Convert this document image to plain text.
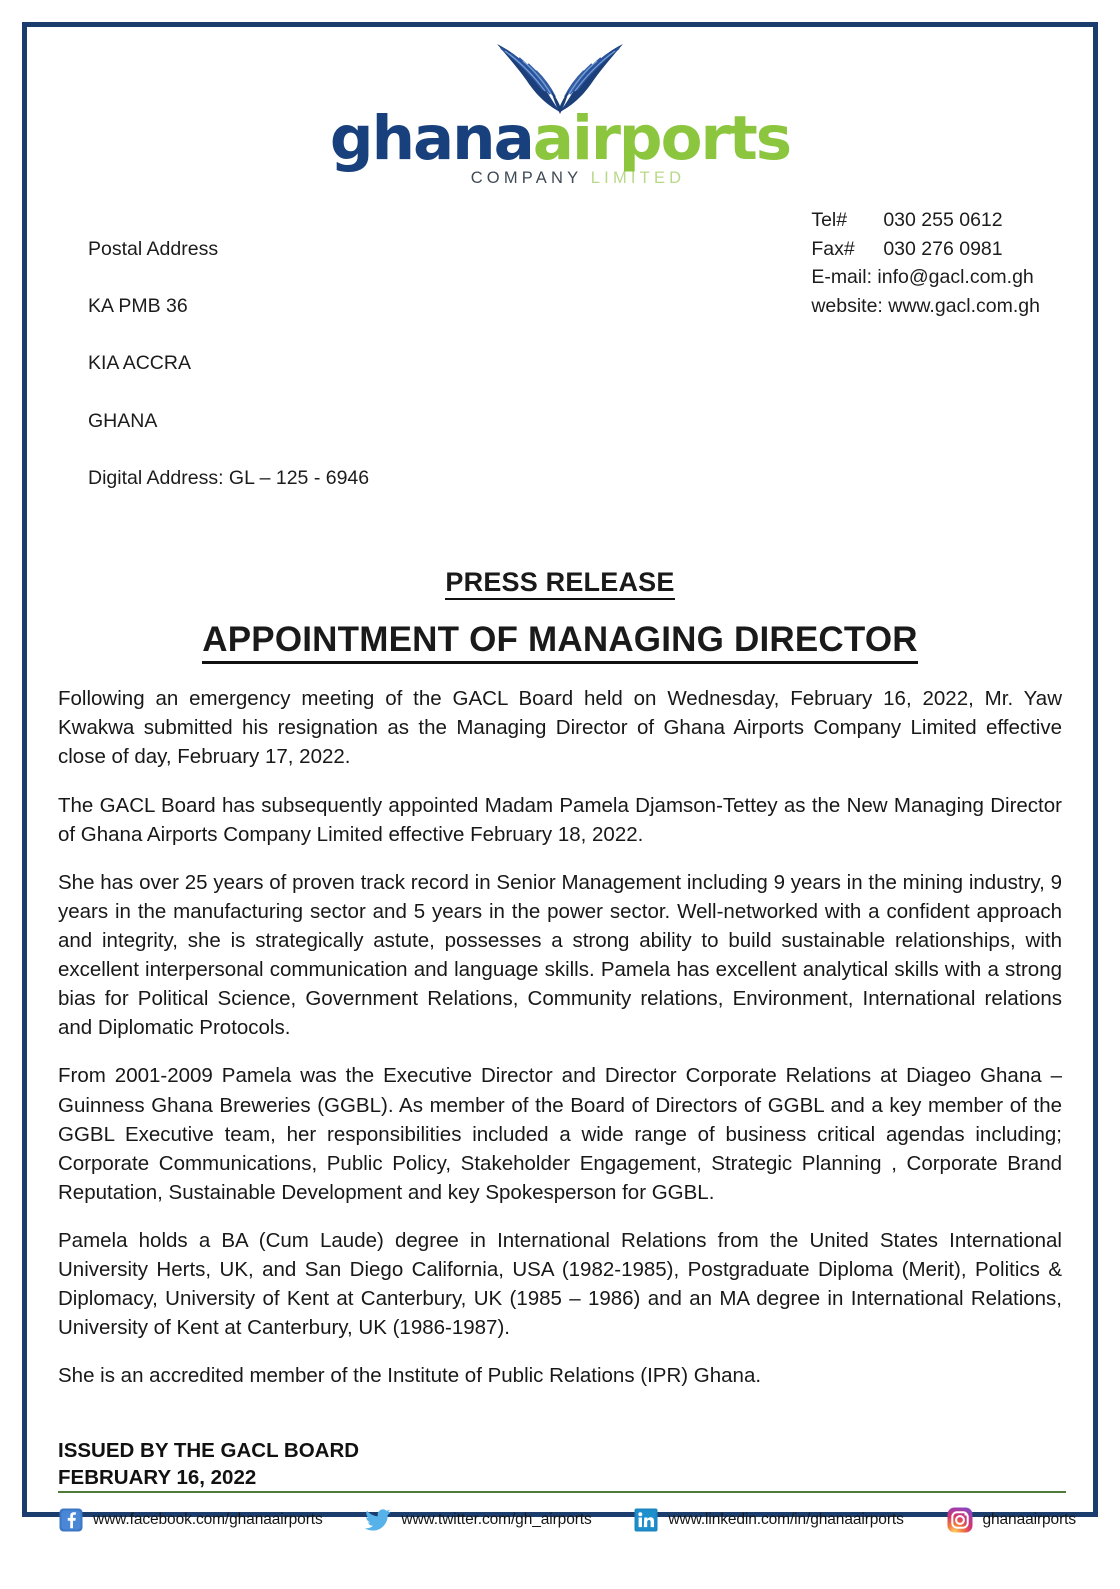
ghanaairports
COMPANY LIMITED

Postal Address

KA PMB 36

KIA ACCRA

GHANA

Digital Address: GL – 125 - 6946

Tel#	030 255 0612
Fax#	030 276 0981
E-mail: info@gacl.com.gh
website: www.gacl.com.gh
PRESS RELEASE
APPOINTMENT OF MANAGING DIRECTOR

Following an emergency meeting of the GACL Board held on Wednesday, February 16, 2022, Mr. Yaw Kwakwa submitted his resignation as the Managing Director of Ghana Airports Company Limited effective close of day, February 17, 2022.

The GACL Board has subsequently appointed Madam Pamela Djamson-Tettey as the New Managing Director of Ghana Airports Company Limited effective February 18, 2022.

She has over 25 years of proven track record in Senior Management including 9 years in the mining industry, 9 years in the manufacturing sector and 5 years in the power sector. Well-networked with a confident approach and integrity, she is strategically astute, possesses a strong ability to build sustainable relationships, with excellent interpersonal communication and language skills. Pamela has excellent analytical skills with a strong bias for Political Science, Government Relations, Community relations, Environment, International relations and Diplomatic Protocols.

From 2001-2009 Pamela was the Executive Director and Director Corporate Relations at Diageo Ghana – Guinness Ghana Breweries (GGBL). As member of the Board of Directors of GGBL and a key member of the GGBL Executive team, her responsibilities included a wide range of business critical agendas including; Corporate Communications, Public Policy, Stakeholder Engagement, Strategic Planning , Corporate Brand Reputation, Sustainable Development and key Spokesperson for GGBL.

Pamela holds a BA (Cum Laude) degree in International Relations from the United States International University Herts, UK, and San Diego California, USA (1982-1985), Postgraduate Diploma (Merit), Politics & Diplomacy, University of Kent at Canterbury, UK (1985 – 1986) and an MA degree in International Relations, University of Kent at Canterbury, UK (1986-1987).

She is an accredited member of the Institute of Public Relations (IPR) Ghana.

ISSUED BY THE GACL BOARD
FEBRUARY 16, 2022
www.facebook.com/ghanaairports	www.twitter.com/gh_airports	www.linkedin.com/in/ghanaairports	ghanaairports
